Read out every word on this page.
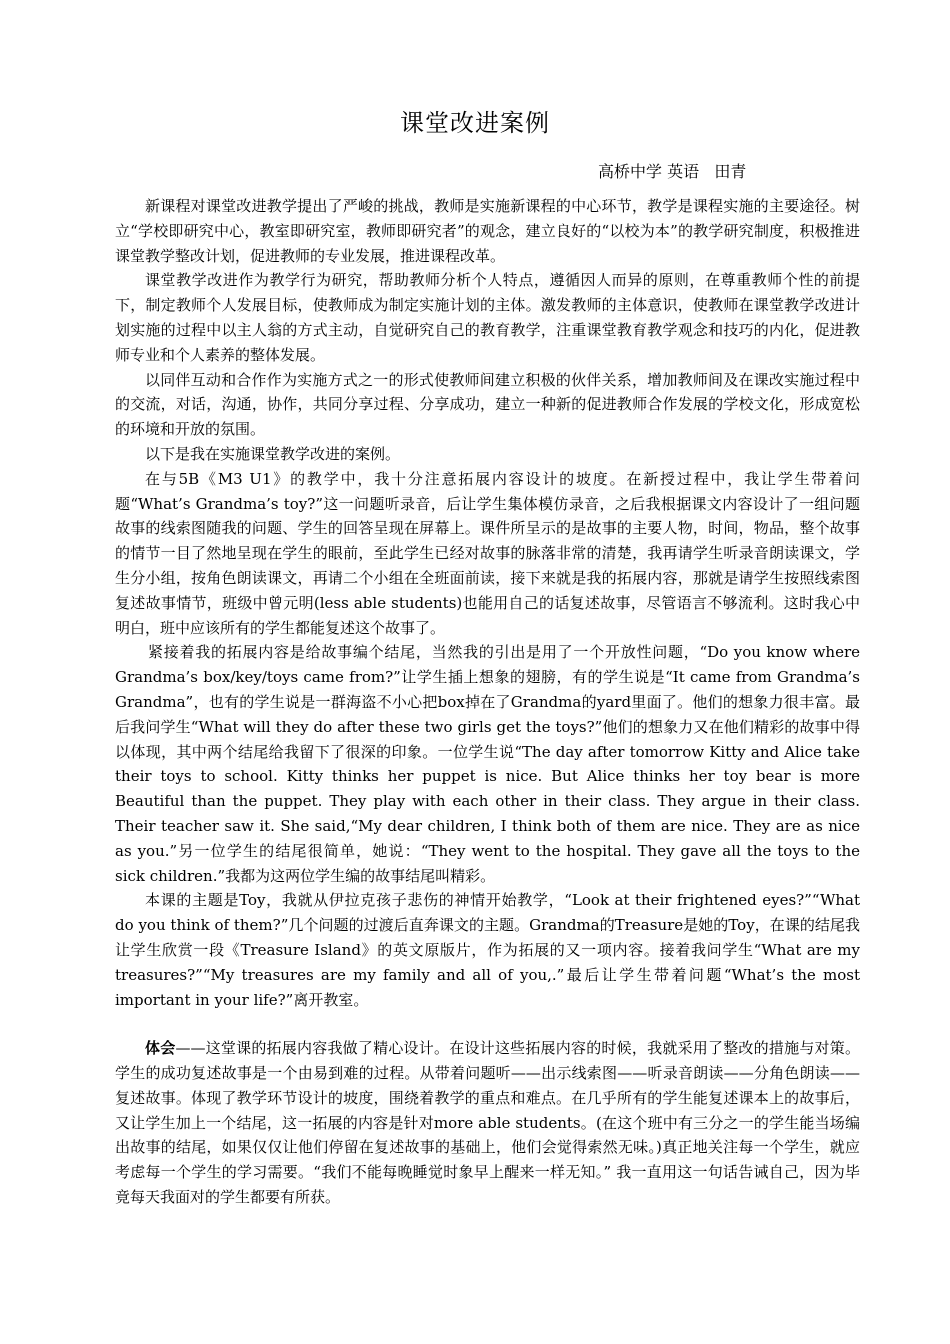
课堂改进案例
高桥中学 英语   田青

新课程对课堂改进教学提出了严峻的挑战，教师是实施新课程的中心环节，教学是课程实施的主要途径。树立“学校即研究中心，教室即研究室，教师即研究者”的观念，建立良好的“以校为本”的教学研究制度，积极推进课堂教学整改计划，促进教师的专业发展，推进课程改革。

课堂教学改进作为教学行为研究，帮助教师分析个人特点，遵循因人而异的原则，在尊重教师个性的前提下，制定教师个人发展目标，使教师成为制定实施计划的主体。激发教师的主体意识，使教师在课堂教学改进计划实施的过程中以主人翁的方式主动，自觉研究自己的教育教学，注重课堂教育教学观念和技巧的内化，促进教师专业和个人素养的整体发展。

以同伴互动和合作作为实施方式之一的形式使教师间建立积极的伙伴关系，增加教师间及在课改实施过程中的交流，对话，沟通，协作，共同分享过程、分享成功，建立一种新的促进教师合作发展的学校文化，形成宽松的环境和开放的氛围。

以下是我在实施课堂教学改进的案例。

在与5B《M3 U1》的教学中，我十分注意拓展内容设计的坡度。在新授过程中，我让学生带着问题“What’s Grandma’s toy?”这一问题听录音，后让学生集体模仿录音，之后我根据课文内容设计了一组问题故事的线索图随我的问题、学生的回答呈现在屏幕上。课件所呈示的是故事的主要人物，时间，物品，整个故事的情节一目了然地呈现在学生的眼前，至此学生已经对故事的脉落非常的清楚，我再请学生听录音朗读课文，学生分小组，按角色朗读课文，再请二个小组在全班面前读，接下来就是我的拓展内容，那就是请学生按照线索图复述故事情节，班级中曾元明(less able students)也能用自己的话复述故事，尽管语言不够流利。这时我心中明白，班中应该所有的学生都能复述这个故事了。

紧接着我的拓展内容是给故事编个结尾，当然我的引出是用了一个开放性问题，“Do you know where Grandma’s box/key/toys came from?”让学生插上想象的翅膀，有的学生说是“It came from Grandma’s Grandma”，也有的学生说是一群海盗不小心把box掉在了Grandma的yard里面了。他们的想象力很丰富。最后我问学生“What will they do after these two girls get the toys?”他们的想象力又在他们精彩的故事中得以体现，其中两个结尾给我留下了很深的印象。一位学生说“The day after tomorrow Kitty and Alice take their toys to school. Kitty thinks her puppet is nice. But Alice thinks her toy bear is more Beautiful than the puppet. They play with each other in their class. They argue in their class. Their teacher saw it. She said,“My dear children, I think both of them are nice. They are as nice as you.”另一位学生的结尾很简单，她说：“They went to the hospital. They gave all the toys to the sick children.”我都为这两位学生编的故事结尾叫精彩。

本课的主题是Toy，我就从伊拉克孩子悲伤的神情开始教学，“Look at their frightened eyes?”“What do you think of them?”几个问题的过渡后直奔课文的主题。Grandma的Treasure是她的Toy，在课的结尾我让学生欣赏一段《Treasure Island》的英文原版片，作为拓展的又一项内容。接着我问学生“What are my treasures?”“My treasures are my family and all of you,.”最后让学生带着问题“What’s the most important in your life?”离开教室。

体会——这堂课的拓展内容我做了精心设计。在设计这些拓展内容的时候，我就采用了整改的措施与对策。学生的成功复述故事是一个由易到难的过程。从带着问题听——出示线索图——听录音朗读——分角色朗读——复述故事。体现了教学环节设计的坡度，围绕着教学的重点和难点。在几乎所有的学生能复述课本上的故事后，又让学生加上一个结尾，这一拓展的内容是针对more able students。(在这个班中有三分之一的学生能当场编出故事的结尾，如果仅仅让他们停留在复述故事的基础上，他们会觉得索然无味。)真正地关注每一个学生，就应考虑每一个学生的学习需要。“我们不能每晚睡觉时象早上醒来一样无知。” 我一直用这一句话告诫自己，因为毕竟每天我面对的学生都要有所获。
